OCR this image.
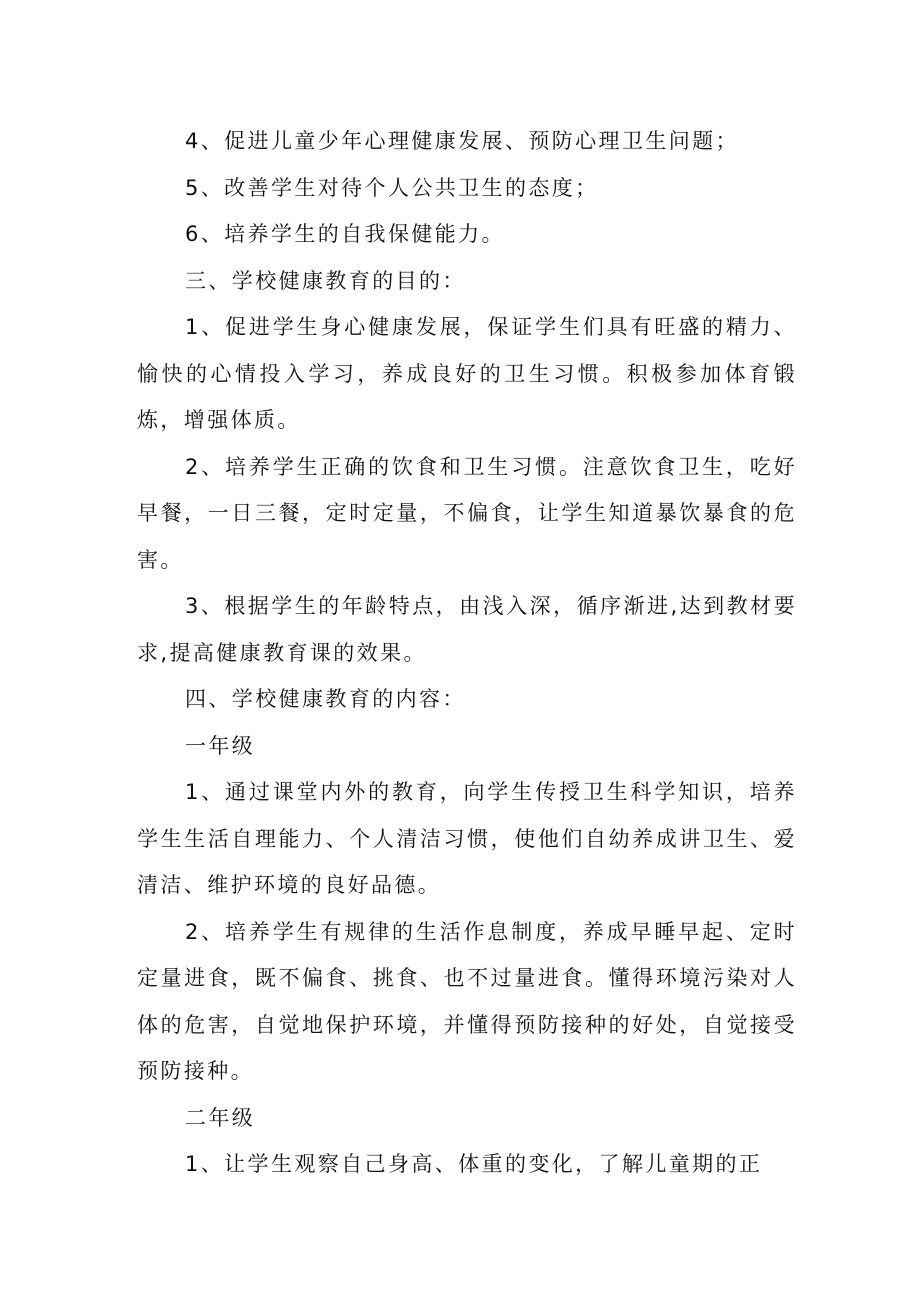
4、促进儿童少年心理健康发展、预防心理卫生问题；

5、改善学生对待个人公共卫生的态度；

6、培养学生的自我保健能力。

三、学校健康教育的目的：

1、促进学生身心健康发展，保证学生们具有旺盛的精力、愉快的心情投入学习，养成良好的卫生习惯。积极参加体育锻炼，增强体质。

2、培养学生正确的饮食和卫生习惯。注意饮食卫生，吃好早餐，一日三餐，定时定量，不偏食，让学生知道暴饮暴食的危害。

3、根据学生的年龄特点，由浅入深，循序渐进,达到教材要求,提高健康教育课的效果。

四、学校健康教育的内容：

一年级

1、通过课堂内外的教育，向学生传授卫生科学知识，培养学生生活自理能力、个人清洁习惯，使他们自幼养成讲卫生、爱清洁、维护环境的良好品德。

2、培养学生有规律的生活作息制度，养成早睡早起、定时定量进食，既不偏食、挑食、也不过量进食。懂得环境污染对人体的危害，自觉地保护环境，并懂得预防接种的好处，自觉接受预防接种。

二年级

1、让学生观察自己身高、体重的变化，了解儿童期的正
